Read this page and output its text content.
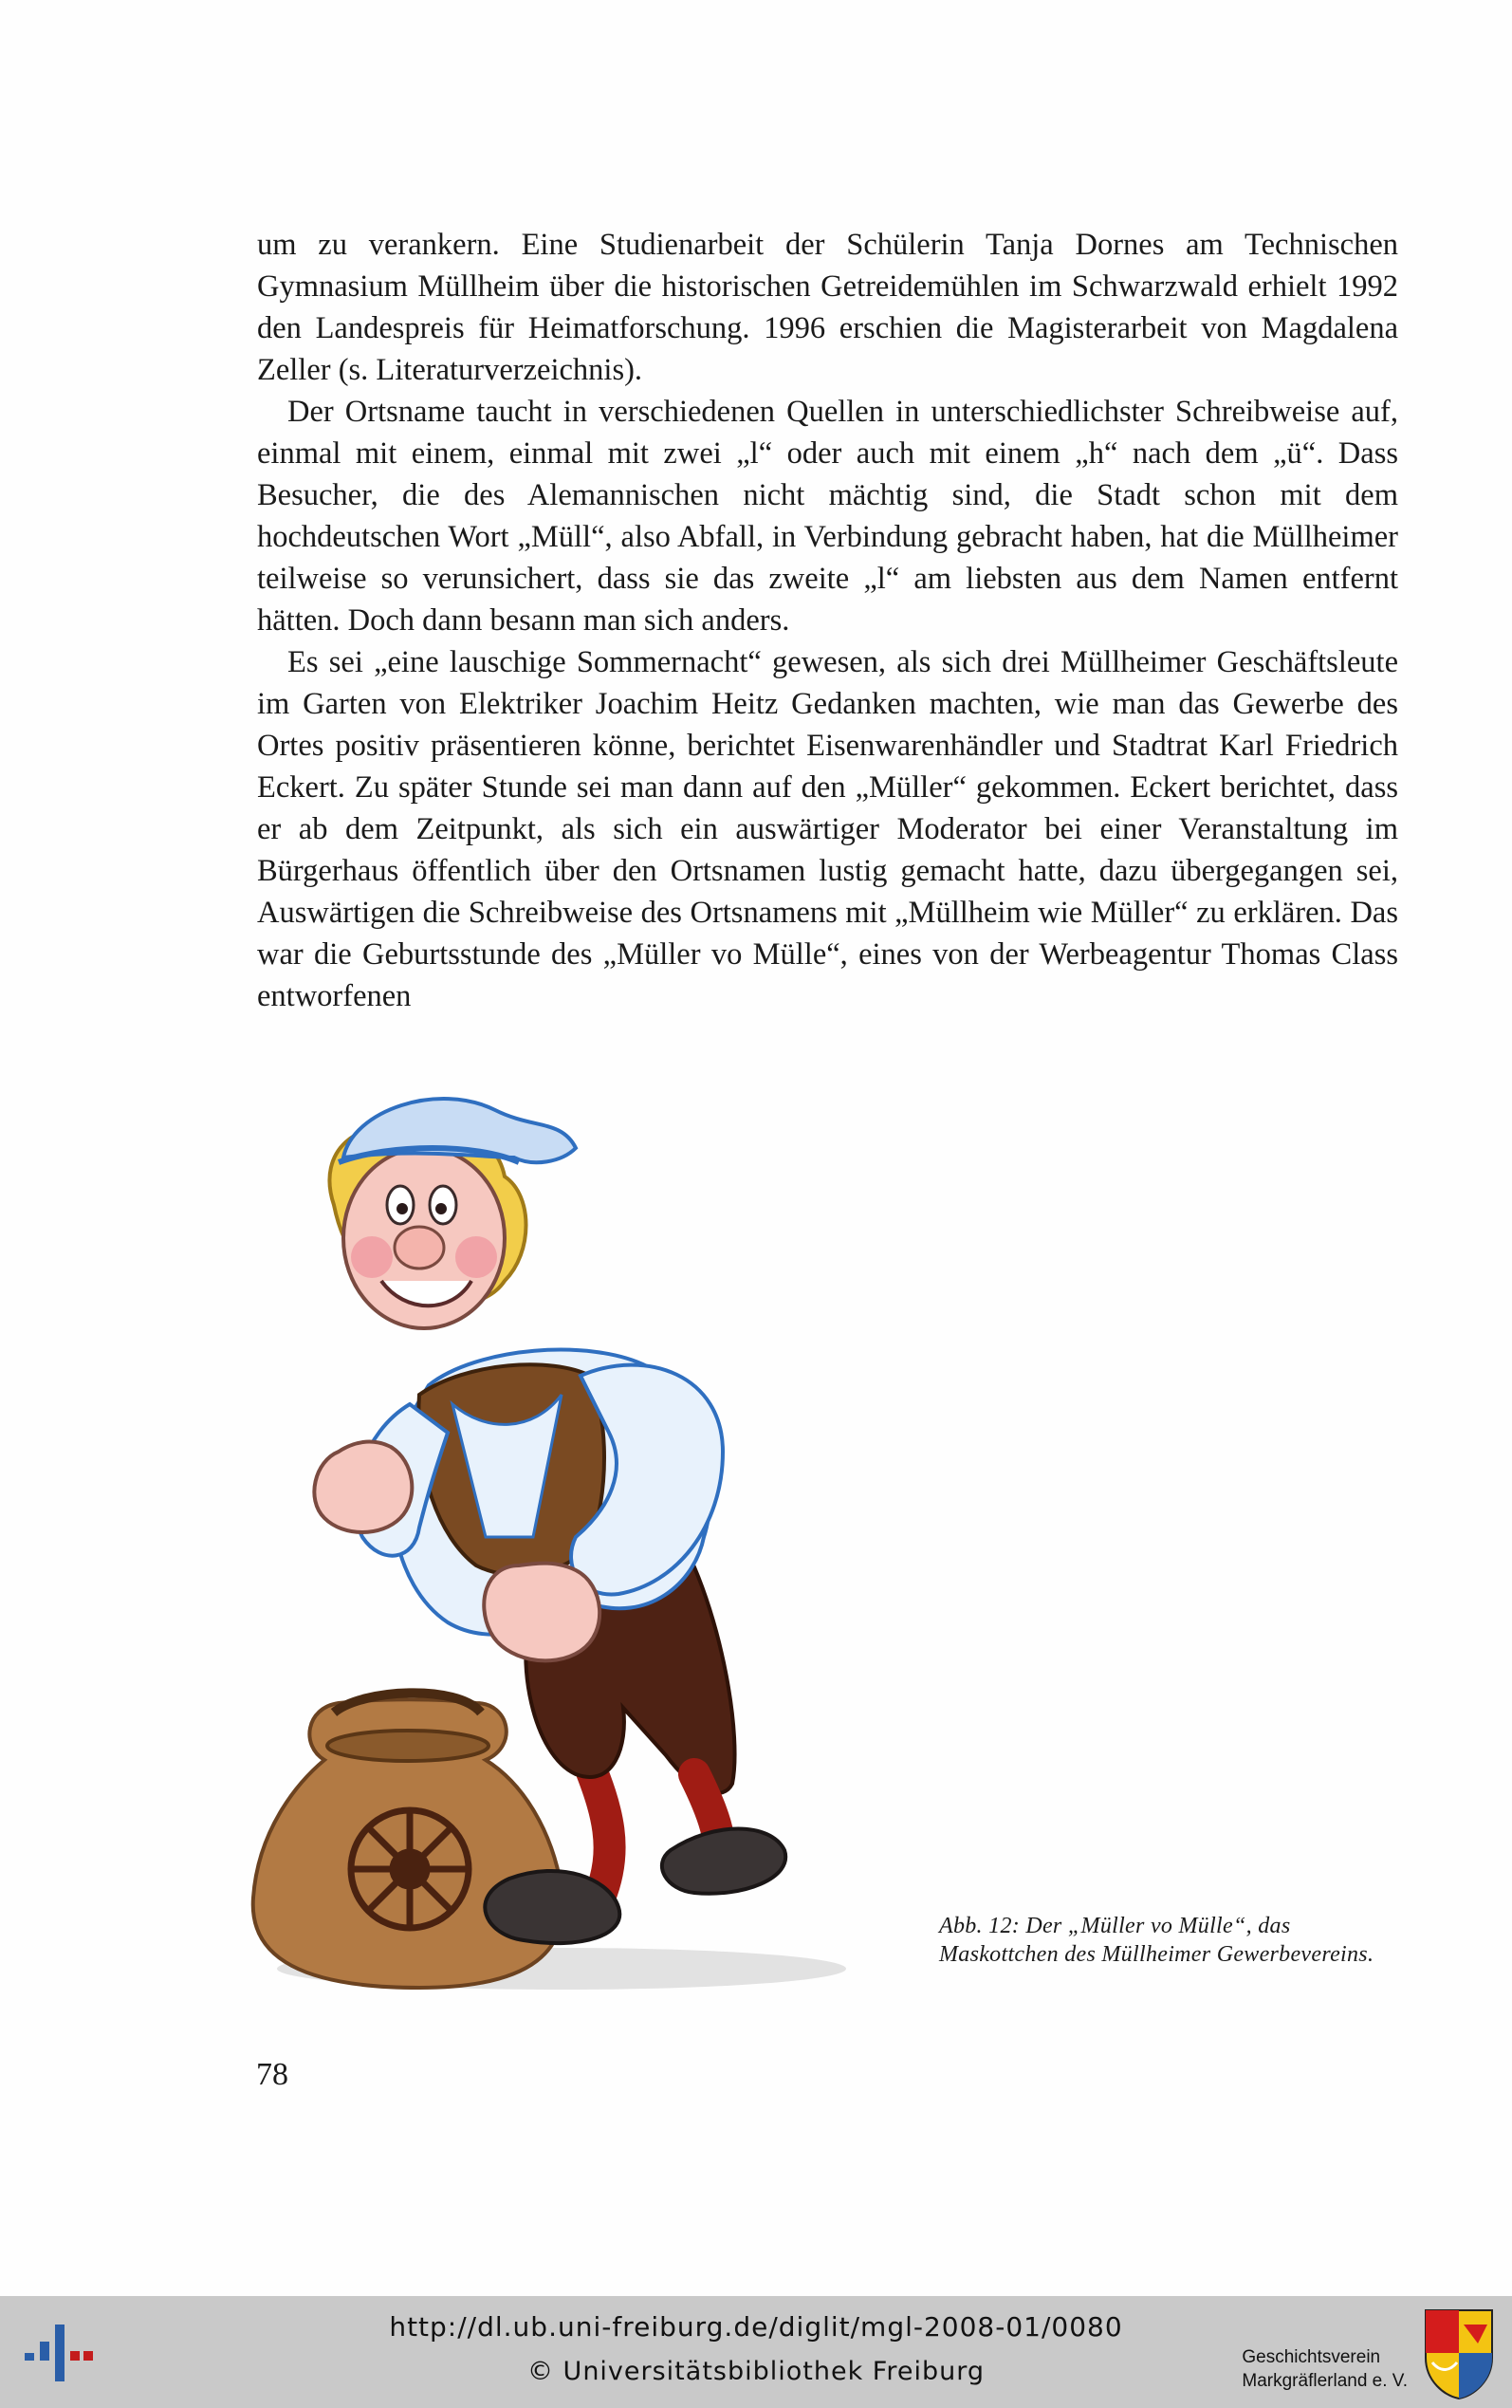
um zu verankern. Eine Studienarbeit der Schülerin Tanja Dornes am Technischen Gymnasium Müllheim über die historischen Getreidemühlen im Schwarzwald erhielt 1992 den Landespreis für Heimatforschung. 1996 erschien die Magisterarbeit von Magdalena Zeller (s. Literaturverzeichnis).

Der Ortsname taucht in verschiedenen Quellen in unterschiedlichster Schreibweise auf, einmal mit einem, einmal mit zwei „l“ oder auch mit einem „h“ nach dem „ü“. Dass Besucher, die des Alemannischen nicht mächtig sind, die Stadt schon mit dem hochdeutschen Wort „Müll“, also Abfall, in Verbindung gebracht haben, hat die Müllheimer teilweise so verunsichert, dass sie das zweite „l“ am liebsten aus dem Namen entfernt hätten. Doch dann besann man sich anders.

Es sei „eine lauschige Sommernacht“ gewesen, als sich drei Müllheimer Geschäftsleute im Garten von Elektriker Joachim Heitz Gedanken machten, wie man das Gewerbe des Ortes positiv präsentieren könne, berichtet Eisenwarenhändler und Stadtrat Karl Friedrich Eckert. Zu später Stunde sei man dann auf den „Müller“ gekommen. Eckert berichtet, dass er ab dem Zeitpunkt, als sich ein auswärtiger Moderator bei einer Veranstaltung im Bürgerhaus öffentlich über den Ortsnamen lustig gemacht hatte, dazu übergegangen sei, Auswärtigen die Schreibweise des Ortsnamens mit „Müllheim wie Müller“ zu erklären. Das war die Geburtsstunde des „Müller vo Mülle“, eines von der Werbeagentur Thomas Class entworfenen

Abb. 12: Der „Müller vo Mülle“, das Maskottchen des Müllheimer Gewerbevereins.
78
http://dl.ub.uni-freiburg.de/diglit/mgl-2008-01/0080
© Universitätsbibliothek Freiburg	Geschichtsverein
Markgräflerland e. V.
